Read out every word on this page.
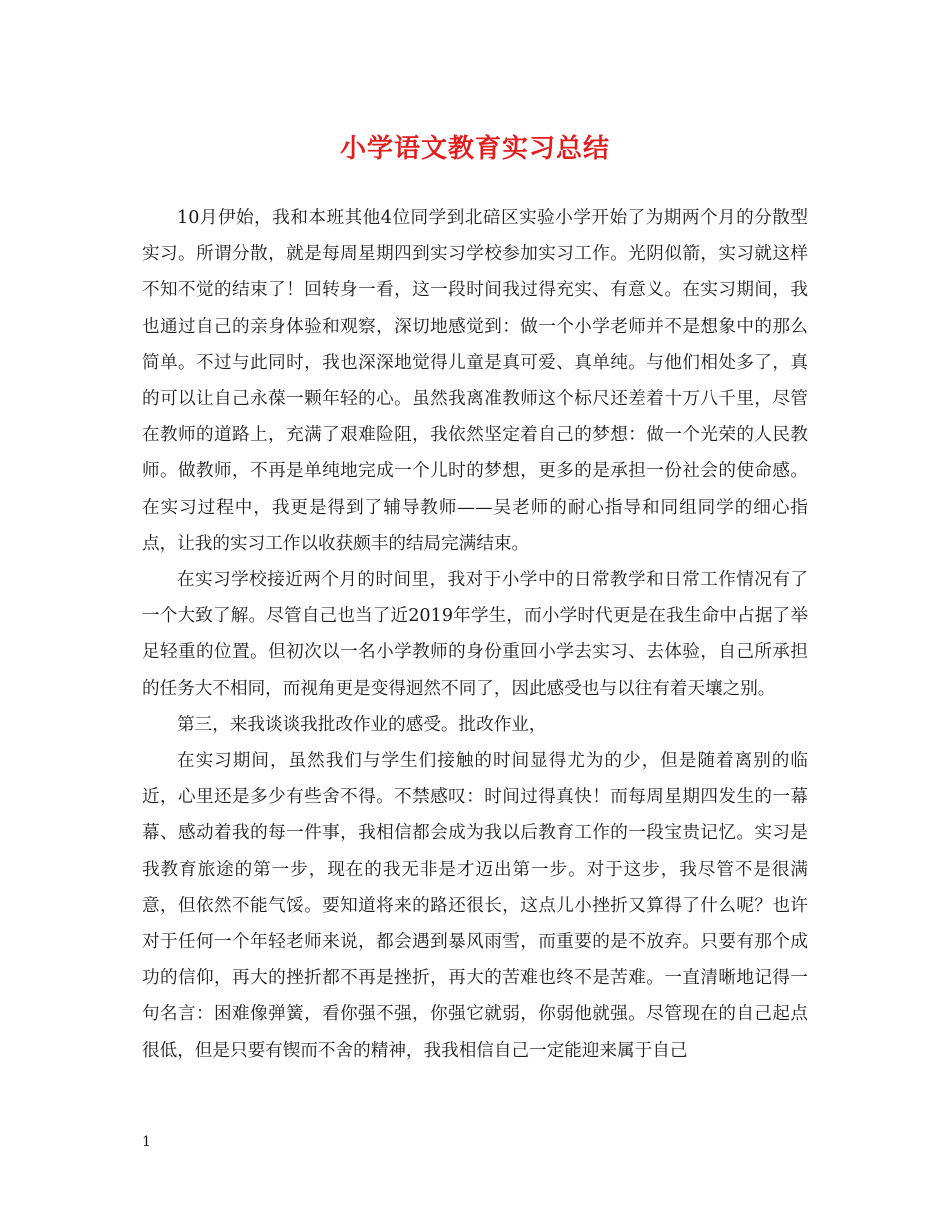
小学语文教育实习总结

10月伊始，我和本班其他4位同学到北碚区实验小学开始了为期两个月的分散型实习。所谓分散，就是每周星期四到实习学校参加实习工作。光阴似箭，实习就这样不知不觉的结束了！回转身一看，这一段时间我过得充实、有意义。在实习期间，我也通过自己的亲身体验和观察，深切地感觉到：做一个小学老师并不是想象中的那么简单。不过与此同时，我也深深地觉得儿童是真可爱、真单纯。与他们相处多了，真的可以让自己永葆一颗年轻的心。虽然我离准教师这个标尺还差着十万八千里，尽管在教师的道路上，充满了艰难险阻，我依然坚定着自己的梦想：做一个光荣的人民教师。做教师，不再是单纯地完成一个儿时的梦想，更多的是承担一份社会的使命感。在实习过程中，我更是得到了辅导教师——吴老师的耐心指导和同组同学的细心指点，让我的实习工作以收获颇丰的结局完满结束。

在实习学校接近两个月的时间里，我对于小学中的日常教学和日常工作情况有了一个大致了解。尽管自己也当了近2019年学生，而小学时代更是在我生命中占据了举足轻重的位置。但初次以一名小学教师的身份重回小学去实习、去体验，自己所承担的任务大不相同，而视角更是变得迥然不同了，因此感受也与以往有着天壤之别。

第三，来我谈谈我批改作业的感受。批改作业，

在实习期间，虽然我们与学生们接触的时间显得尤为的少，但是随着离别的临近，心里还是多少有些舍不得。不禁感叹：时间过得真快！而每周星期四发生的一幕幕、感动着我的每一件事，我相信都会成为我以后教育工作的一段宝贵记忆。实习是我教育旅途的第一步，现在的我无非是才迈出第一步。对于这步，我尽管不是很满意，但依然不能气馁。要知道将来的路还很长，这点儿小挫折又算得了什么呢？也许对于任何一个年轻老师来说，都会遇到暴风雨雪，而重要的是不放弃。只要有那个成功的信仰，再大的挫折都不再是挫折，再大的苦难也终不是苦难。一直清晰地记得一句名言：困难像弹簧，看你强不强，你强它就弱，你弱他就强。尽管现在的自己起点很低，但是只要有锲而不舍的精神，我我相信自己一定能迎来属于自己

1
